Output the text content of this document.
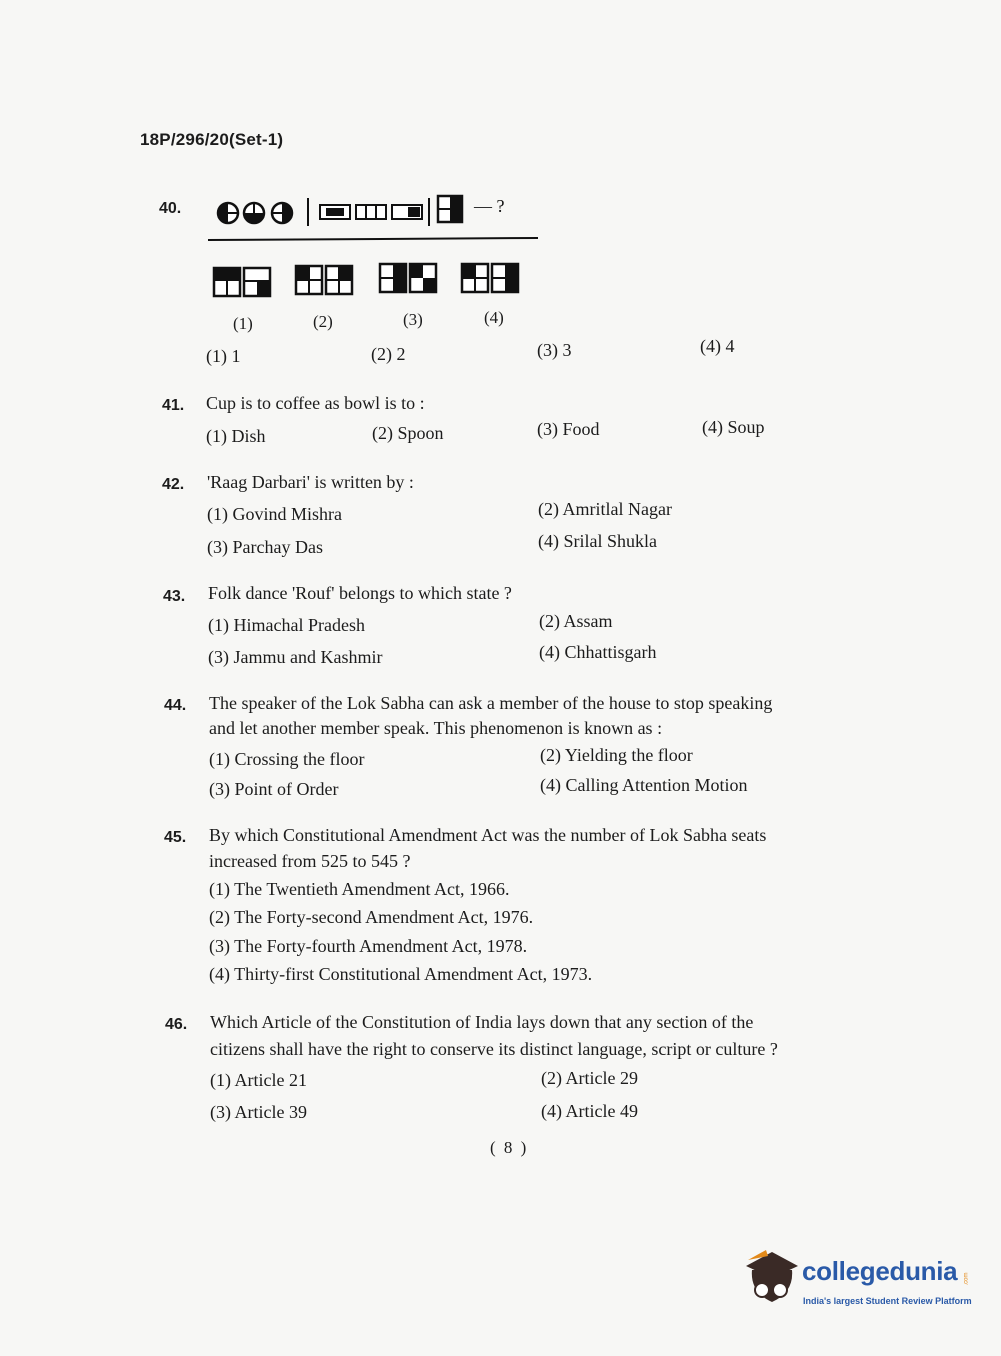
18P/296/20(Set-1)
40.	— ?
(1)	(2)	(3)	(4)
(1) 1	(2) 2	(3) 3	(4) 4
41. Cup is to coffee as bowl is to :
(1) Dish	(2) Spoon	(3) Food	(4) Soup
42. 'Raag Darbari' is written by :
(1) Govind Mishra	(2) Amritlal Nagar
(3) Parchay Das	(4) Srilal Shukla
43. Folk dance 'Rouf' belongs to which state ?
(1) Himachal Pradesh	(2) Assam
(3) Jammu and Kashmir	(4) Chhattisgarh
44. The speaker of the Lok Sabha can ask a member of the house to stop speaking
and let another member speak. This phenomenon is known as :
(1) Crossing the floor	(2) Yielding the floor
(3) Point of Order	(4) Calling Attention Motion
45. By which Constitutional Amendment Act was the number of Lok Sabha seats
increased from 525 to 545 ?
(1) The Twentieth Amendment Act, 1966.
(2) The Forty-second Amendment Act, 1976.
(3) The Forty-fourth Amendment Act, 1978.
(4) Thirty-first Constitutional Amendment Act, 1973.
46. Which Article of the Constitution of India lays down that any section of the
citizens shall have the right to conserve its distinct language, script or culture ?
(1) Article 21	(2) Article 29
(3) Article 39	(4) Article 49
( 8 )
collegedunia .com
India's largest Student Review Platform
